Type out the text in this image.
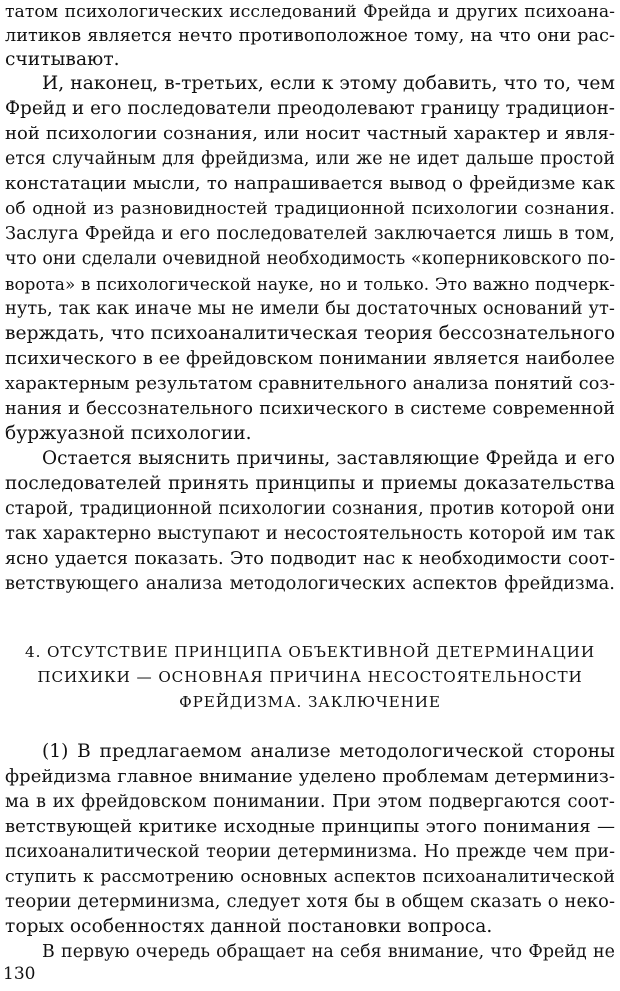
татом психологических исследований Фрейда и других психоана-
литиков является нечто противоположное тому, на что они рас-
считывают.
И, наконец, в-третьих, если к этому добавить, что то, чем
Фрейд и его последователи преодолевают границу традицион-
ной психологии сознания, или носит частный характер и явля-
ется случайным для фрейдизма, или же не идет дальше простой
констатации мысли, то напрашивается вывод о фрейдизме как
об одной из разновидностей традиционной психологии сознания.
Заслуга Фрейда и его последователей заключается лишь в том,
что они сделали очевидной необходимость «коперниковского по-
ворота» в психологической науке, но и только. Это важно подчерк-
нуть, так как иначе мы не имели бы достаточных оснований ут-
верждать, что психоаналитическая теория бессознательного
психического в ее фрейдовском понимании является наиболее
характерным результатом сравнительного анализа понятий соз-
нания и бессознательного психического в системе современной
буржуазной психологии.
Остается выяснить причины, заставляющие Фрейда и его
последователей принять принципы и приемы доказательства
старой, традиционной психологии сознания, против которой они
так характерно выступают и несостоятельность которой им так
ясно удается показать. Это подводит нас к необходимости соот-
ветствующего анализа методологических аспектов фрейдизма.
4. ОТСУТСТВИЕ ПРИНЦИПА ОБЪЕКТИВНОЙ ДЕТЕРМИНАЦИИ
ПСИХИКИ — ОСНОВНАЯ ПРИЧИНА НЕСОСТОЯТЕЛЬНОСТИ
ФРЕЙДИЗМА. ЗАКЛЮЧЕНИЕ
(1) В предлагаемом анализе методологической стороны
фрейдизма главное внимание уделено проблемам детерминиз-
ма в их фрейдовском понимании. При этом подвергаются соот-
ветствующей критике исходные принципы этого понимания —
психоаналитической теории детерминизма. Но прежде чем при-
ступить к рассмотрению основных аспектов психоаналитической
теории детерминизма, следует хотя бы в общем сказать о неко-
торых особенностях данной постановки вопроса.
В первую очередь обращает на себя внимание, что Фрейд не
130
